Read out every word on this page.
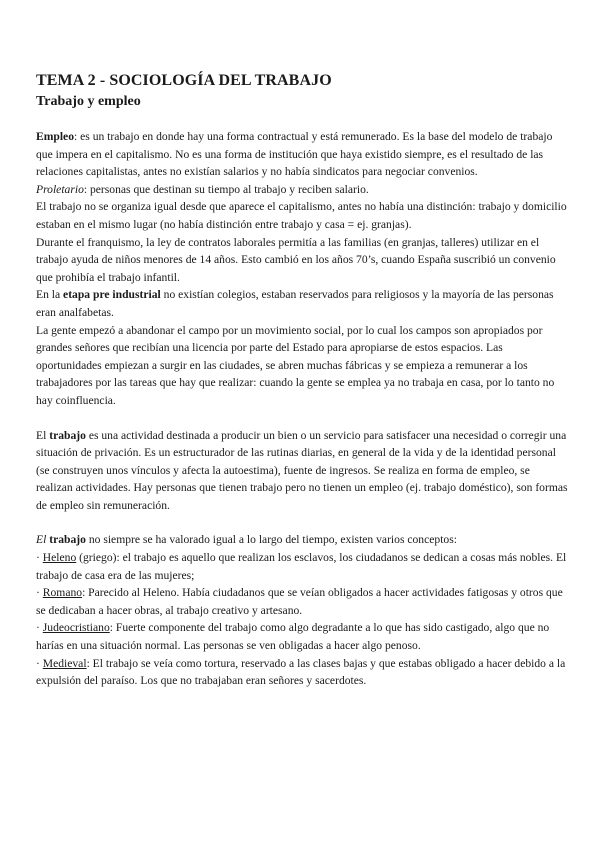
TEMA 2 - SOCIOLOGÍA DEL TRABAJO
Trabajo y empleo

Empleo: es un trabajo en donde hay una forma contractual y está remunerado. Es la base del modelo de trabajo que impera en el capitalismo. No es una forma de institución que haya existido siempre, es el resultado de las relaciones capitalistas, antes no existían salarios y no había sindicatos para negociar convenios.

Proletario: personas que destinan su tiempo al trabajo y reciben salario.

El trabajo no se organiza igual desde que aparece el capitalismo, antes no había una distinción: trabajo y domicilio estaban en el mismo lugar (no había distinción entre trabajo y casa = ej. granjas).

Durante el franquismo, la ley de contratos laborales permitía a las familias (en granjas, talleres) utilizar en el trabajo ayuda de niños menores de 14 años. Esto cambió en los años 70’s, cuando España suscribió un convenio que prohibía el trabajo infantil.

En la etapa pre industrial no existían colegios, estaban reservados para religiosos y la mayoría de las personas eran analfabetas.

La gente empezó a abandonar el campo por un movimiento social, por lo cual los campos son apropiados por grandes señores que recibían una licencia por parte del Estado para apropiarse de estos espacios. Las oportunidades empiezan a surgir en las ciudades, se abren muchas fábricas y se empieza a remunerar a los trabajadores por las tareas que hay que realizar: cuando la gente se emplea ya no trabaja en casa, por lo tanto no hay coinfluencia.

El trabajo es una actividad destinada a producir un bien o un servicio para satisfacer una necesidad o corregir una situación de privación. Es un estructurador de las rutinas diarias, en general de la vida y de la identidad personal (se construyen unos vínculos y afecta la autoestima), fuente de ingresos. Se realiza en forma de empleo, se realizan actividades. Hay personas que tienen trabajo pero no tienen un empleo (ej. trabajo doméstico), son formas de empleo sin remuneración.

El trabajo no siempre se ha valorado igual a lo largo del tiempo, existen varios conceptos:

· Heleno (griego): el trabajo es aquello que realizan los esclavos, los ciudadanos se dedican a cosas más nobles. El trabajo de casa era de las mujeres;

· Romano: Parecido al Heleno. Había ciudadanos que se veían obligados a hacer actividades fatigosas y otros que se dedicaban a hacer obras, al trabajo creativo y artesano.

· Judeocristiano: Fuerte componente del trabajo como algo degradante a lo que has sido castigado, algo que no harías en una situación normal. Las personas se ven obligadas a hacer algo penoso.

· Medieval: El trabajo se veía como tortura, reservado a las clases bajas y que estabas obligado a hacer debido a la expulsión del paraíso. Los que no trabajaban eran señores y sacerdotes.
